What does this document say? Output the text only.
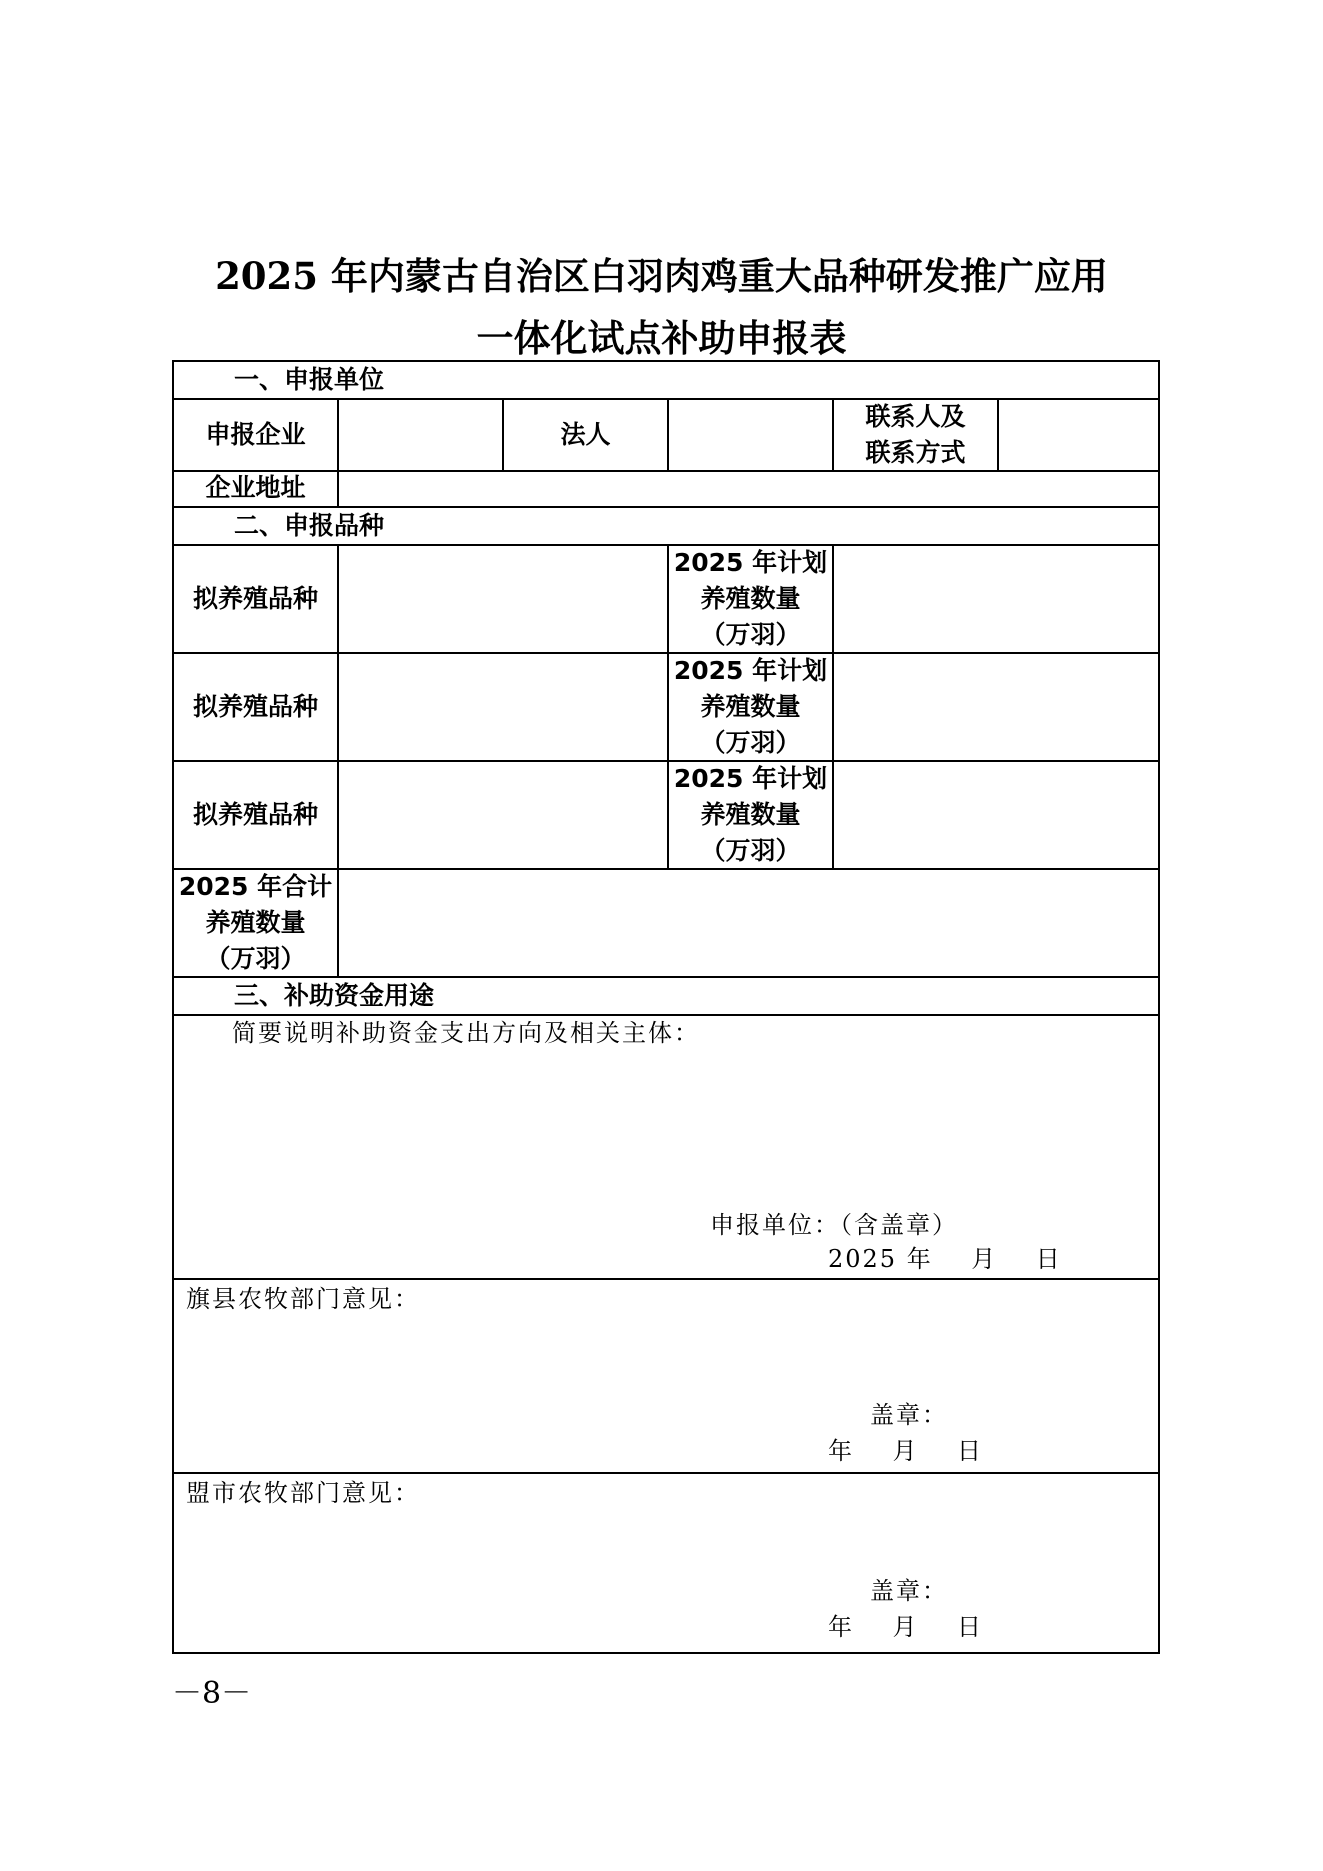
2025 年内蒙古自治区白羽肉鸡重大品种研发推广应用
一体化试点补助申报表
一、申报单位
申报企业	法人
联系人及
联系方式
企业地址
二、申报品种
拟养殖品种
2025 年计划
养殖数量
（万羽）
拟养殖品种
2025 年计划
养殖数量
（万羽）
拟养殖品种
2025 年计划
养殖数量
（万羽）
2025 年合计
养殖数量
（万羽）
三、补助资金用途
简要说明补助资金支出方向及相关主体：
申报单位：（含盖章）
2025 年    月    日
旗县农牧部门意见：
盖章：
年    月    日
盟市农牧部门意见：
盖章：
年    月    日
－8－
